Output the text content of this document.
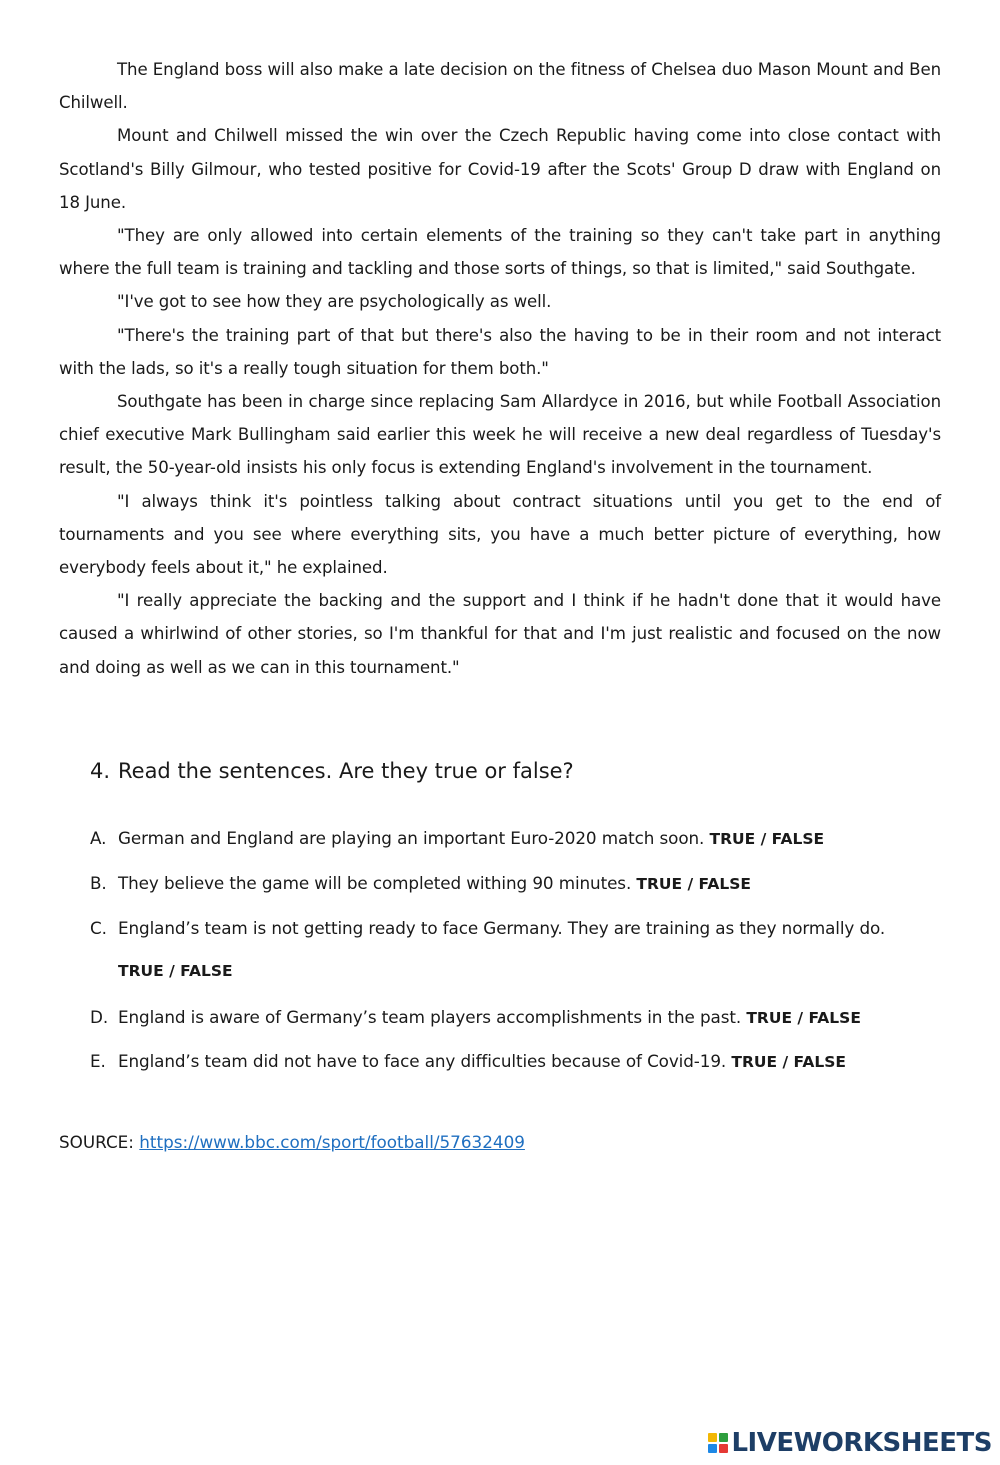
The England boss will also make a late decision on the fitness of Chelsea duo Mason Mount and Ben Chilwell.

Mount and Chilwell missed the win over the Czech Republic having come into close contact with Scotland's Billy Gilmour, who tested positive for Covid-19 after the Scots' Group D draw with England on 18 June.

"They are only allowed into certain elements of the training so they can't take part in anything where the full team is training and tackling and those sorts of things, so that is limited," said Southgate.

"I've got to see how they are psychologically as well.

"There's the training part of that but there's also the having to be in their room and not interact with the lads, so it's a really tough situation for them both."

Southgate has been in charge since replacing Sam Allardyce in 2016, but while Football Association chief executive Mark Bullingham said earlier this week he will receive a new deal regardless of Tuesday's result, the 50-year-old insists his only focus is extending England's involvement in the tournament.

"I always think it's pointless talking about contract situations until you get to the end of tournaments and you see where everything sits, you have a much better picture of everything, how everybody feels about it," he explained.

"I really appreciate the backing and the support and I think if he hadn't done that it would have caused a whirlwind of other stories, so I'm thankful for that and I'm just realistic and focused on the now and doing as well as we can in this tournament."

4. Read the sentences. Are they true or false?
A. German and England are playing an important Euro-2020 match soon. TRUE / FALSE
B. They believe the game will be completed withing 90 minutes. TRUE / FALSE
C. England’s team is not getting ready to face Germany. They are training as they normally do.
TRUE / FALSE
D. England is aware of Germany’s team players accomplishments in the past. TRUE / FALSE
E. England’s team did not have to face any difficulties because of Covid-19. TRUE / FALSE
SOURCE: https://www.bbc.com/sport/football/57632409
LIVEWORKSHEETS
